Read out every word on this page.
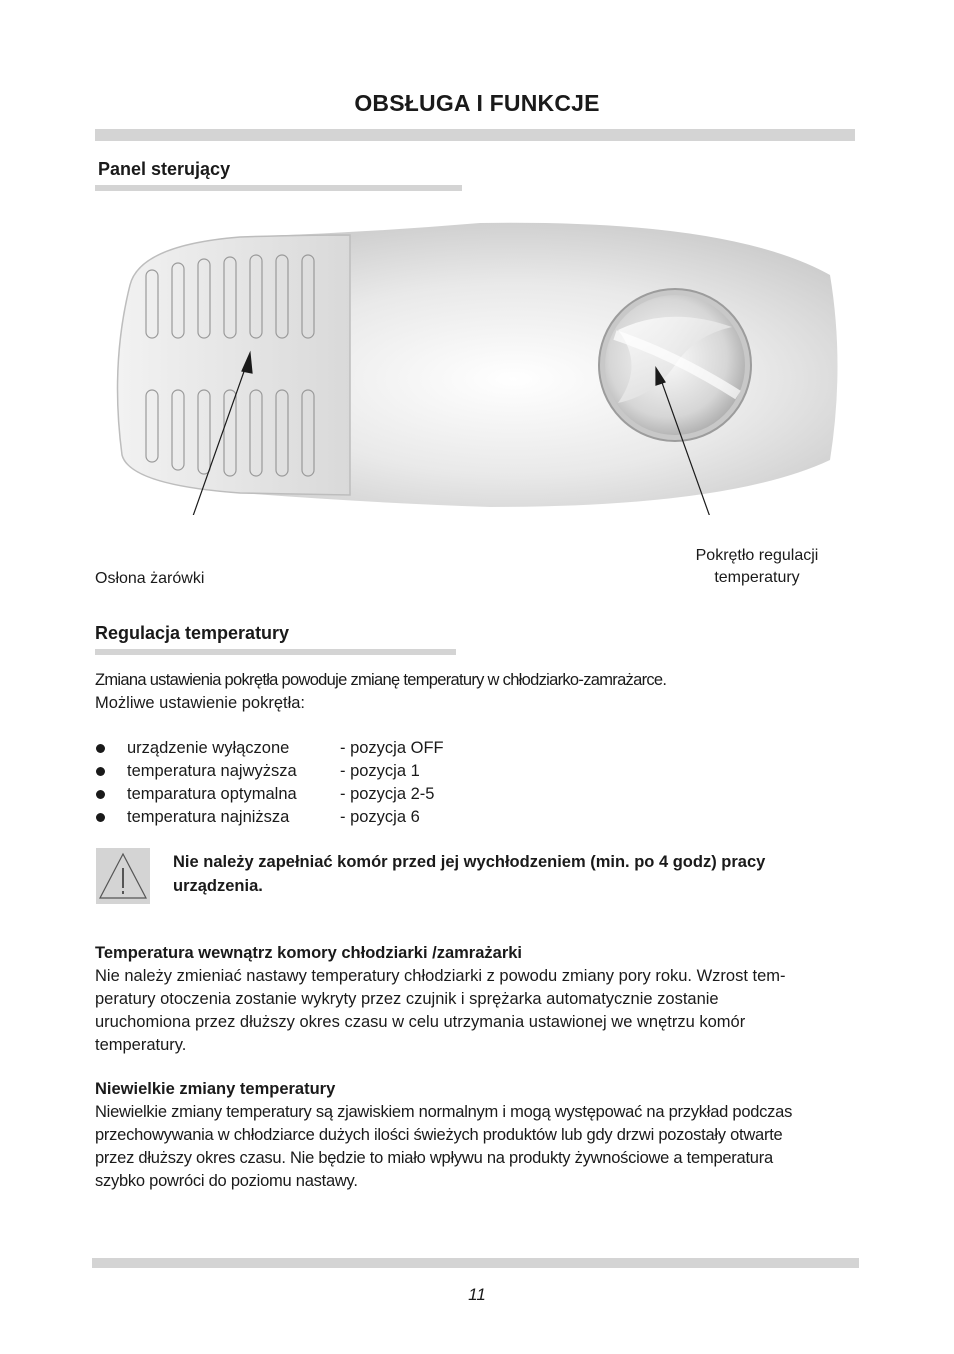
OBSŁUGA I FUNKCJE
Panel sterujący
Osłona żarówki
Pokrętło regulacji
temperatury
Regulacja temperatury
Zmiana ustawienia pokrętła powoduje zmianę temperatury w chłodziarko-zamrażarce.
Możliwe ustawienie pokrętła:
urządzenie wyłączone	- pozycja OFF
temperatura najwyższa	- pozycja 1
temparatura optymalna	- pozycja 2-5
temperatura najniższa	- pozycja 6
Nie należy zapełniać komór przed jej wychłodzeniem (min. po 4 godz) pracy
urządzenia.
Temperatura wewnątrz komory chłodziarki /zamrażarki
Nie należy zmieniać nastawy temperatury chłodziarki z powodu zmiany pory roku. Wzrost tem-
peratury otoczenia zostanie wykryty przez czujnik i sprężarka automatycznie zostanie
uruchomiona przez dłuższy okres czasu w celu utrzymania ustawionej we wnętrzu komór
temperatury.
Niewielkie zmiany temperatury
Niewielkie zmiany temperatury są zjawiskiem normalnym i mogą występować na przykład podczas
przechowywania w chłodziarce dużych ilości świeżych produktów lub gdy drzwi pozostały otwarte
przez dłuższy okres czasu. Nie będzie to miało wpływu na produkty żywnościowe a temperatura
szybko powróci do poziomu nastawy.
11
